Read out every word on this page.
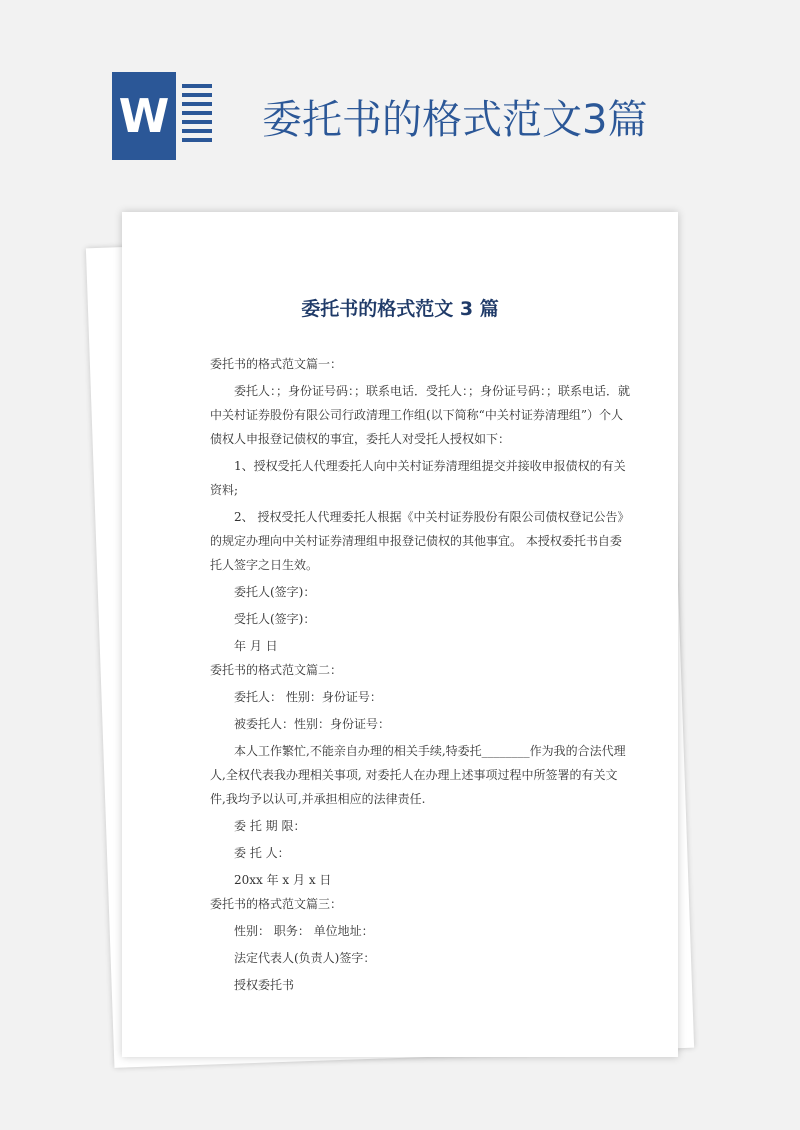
W 委托书的格式范文3篇
委托书的格式范文 3 篇

委托书的格式范文篇一：

委托人：；身份证号码：；联系电话．受托人：；身份证号码：；联系电话．就中关村证券股份有限公司行政清理工作组(以下简称“中关村证券清理组”）个人债权人申报登记债权的事宜，委托人对受托人授权如下：

1、授权受托人代理委托人向中关村证券清理组提交并接收申报债权的有关资料;

2、 授权受托人代理委托人根据《中关村证券股份有限公司债权登记公告》的规定办理向中关村证券清理组申报登记债权的其他事宜。 本授权委托书自委托人签字之日生效。

委托人(签字)：

受托人(签字)：

年 月 日

委托书的格式范文篇二：

委托人： 性别：身份证号：

被委托人：性别：身份证号：

本人工作繁忙,不能亲自办理的相关手续,特委托________作为我的合法代理人,全权代表我办理相关事项, 对委托人在办理上述事项过程中所签署的有关文件,我均予以认可,并承担相应的法律责任.

委 托 期 限：

委 托 人：

20xx 年 x 月 x 日

委托书的格式范文篇三：

性别： 职务： 单位地址：

法定代表人(负责人)签字：

授权委托书
